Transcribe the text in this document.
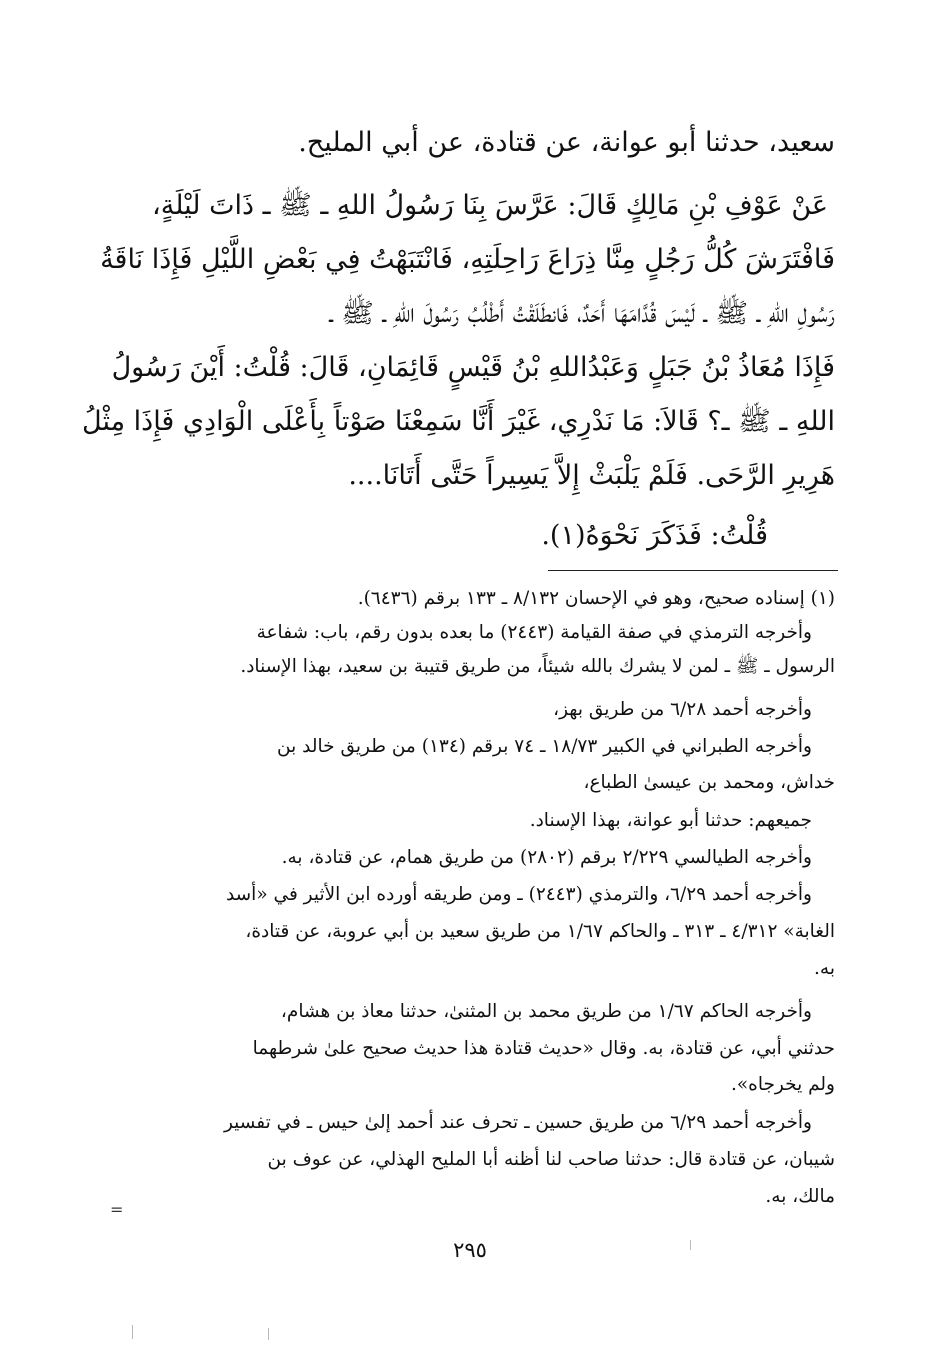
سعيد، حدثنا أبو عوانة، عن قتادة، عن أبي المليح.
عَنْ عَوْفِ بْنِ مَالِكٍ قَالَ: عَرَّسَ بِنَا رَسُولُ اللهِ ـ ﷺ ـ ذَاتَ لَيْلَةٍ،
فَافْتَرَشَ كُلُّ رَجُلٍ مِنَّا ذِرَاعَ رَاحِلَتِهِ، فَانْتَبَهْتُ فِي بَعْضِ اللَّيْلِ فَإِذَا نَاقَةُ
رَسُولِ اللهِ ـ ﷺ ـ لَيْسَ قُدَّامَهَا أَحَدٌ، فَانطَلَقْتُ أَطْلُبُ رَسُولَ اللهِ ـ ﷺ ـ
فَإِذَا مُعَاذُ بْنُ جَبَلٍ وَعَبْدُاللهِ بْنُ قَيْسٍ قَائِمَانِ، قَالَ: قُلْتُ: أَيْنَ رَسُولُ
اللهِ ـ ﷺ ـ؟ قَالاَ: مَا نَدْرِي، غَيْرَ أَنَّا سَمِعْنَا صَوْتاً بِأَعْلَى الْوَادِي فَإِذَا مِثْلُ
هَرِيرِ الرَّحَى. فَلَمْ يَلْبَثْ إِلاَّ يَسِيراً حَتَّى أَتَانَا....
قُلْتُ: فَذَكَرَ نَحْوَهُ(١).
(١) إسناده صحيح، وهو في الإحسان ٨/١٣٢ ـ ١٣٣ برقم (٦٤٣٦).
وأخرجه الترمذي في صفة القيامة (٢٤٤٣) ما بعده بدون رقم، باب: شفاعة
الرسول ـ ﷺ ـ لمن لا يشرك بالله شيئاً، من طريق قتيبة بن سعيد، بهذا الإسناد.
وأخرجه أحمد ٦/٢٨ من طريق بهز،
وأخرجه الطبراني في الكبير ١٨/٧٣ ـ ٧٤ برقم (١٣٤) من طريق خالد بن
خداش، ومحمد بن عيسىٰ الطباع،
جميعهم: حدثنا أبو عوانة، بهذا الإسناد.
وأخرجه الطيالسي ٢/٢٢٩ برقم (٢٨٠٢) من طريق همام، عن قتادة، به.
وأخرجه أحمد ٦/٢٩، والترمذي (٢٤٤٣) ـ ومن طريقه أورده ابن الأثير في «أسد
الغابة» ٤/٣١٢ ـ ٣١٣ ـ والحاكم ١/٦٧ من طريق سعيد بن أبي عروبة، عن قتادة،
به.
وأخرجه الحاكم ١/٦٧ من طريق محمد بن المثنىٰ، حدثنا معاذ بن هشام،
حدثني أبي، عن قتادة، به. وقال «حديث قتادة هذا حديث صحيح علىٰ شرطهما
ولم يخرجاه».
وأخرجه أحمد ٦/٢٩ من طريق حسين ـ تحرف عند أحمد إلىٰ حيس ـ في تفسير
شيبان، عن قتادة قال: حدثنا صاحب لنا أظنه أبا المليح الهذلي، عن عوف بن
مالك، به.
=
٢٩٥
